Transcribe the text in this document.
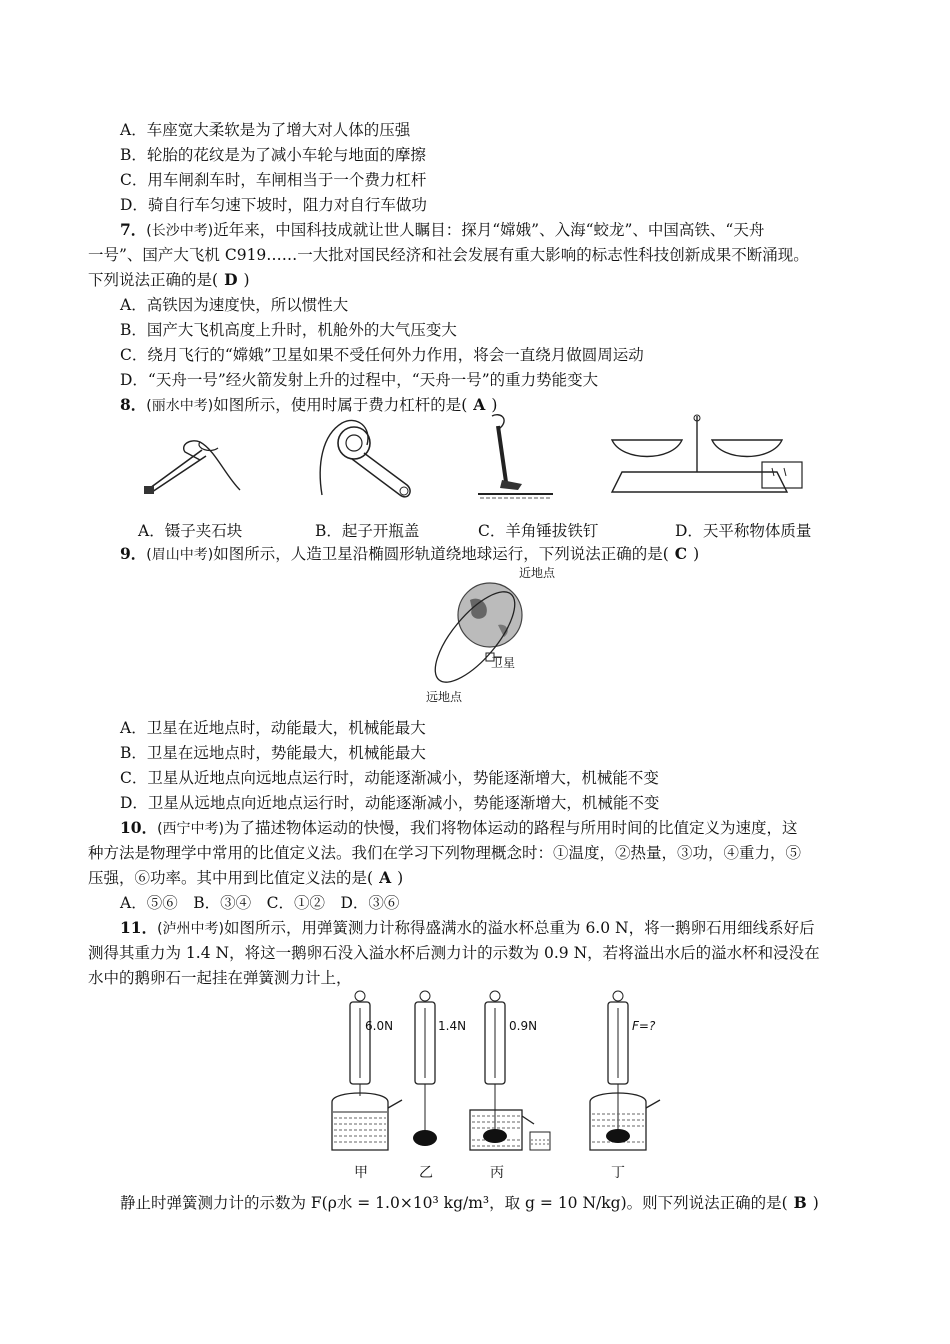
A．车座宽大柔软是为了增大对人体的压强
B．轮胎的花纹是为了减小车轮与地面的摩擦
C．用车闸刹车时，车闸相当于一个费力杠杆
D．骑自行车匀速下坡时，阻力对自行车做功
7．(长沙中考)近年来，中国科技成就让世人瞩目：探月“嫦娥”、入海“蛟龙”、中国高铁、“天舟
一号”、国产大飞机 C919……一大批对国民经济和社会发展有重大影响的标志性科技创新成果不断涌现。
下列说法正确的是( D )
A．高铁因为速度快，所以惯性大
B．国产大飞机高度上升时，机舱外的大气压变大
C．绕月飞行的“嫦娥”卫星如果不受任何外力作用，将会一直绕月做圆周运动
D．“天舟一号”经火箭发射上升的过程中，“天舟一号”的重力势能变大
8．(丽水中考)如图所示，使用时属于费力杠杆的是( A )
A．镊子夹石块	B．起子开瓶盖	C．羊角锤拔铁钉	D．天平称物体质量
9．(眉山中考)如图所示，人造卫星沿椭圆形轨道绕地球运行，下列说法正确的是( C )
近地点
卫星
远地点
A．卫星在近地点时，动能最大，机械能最大
B．卫星在远地点时，势能最大，机械能最大
C．卫星从近地点向远地点运行时，动能逐渐减小，势能逐渐增大，机械能不变
D．卫星从远地点向近地点运行时，动能逐渐减小，势能逐渐增大，机械能不变
10．(西宁中考)为了描述物体运动的快慢，我们将物体运动的路程与所用时间的比值定义为速度，这
种方法是物理学中常用的比值定义法。我们在学习下列物理概念时：①温度，②热量，③功，④重力，⑤
压强，⑥功率。其中用到比值定义法的是( A )
A．⑤⑥　B．③④　C．①②　D．③⑥
11．(泸州中考)如图所示，用弹簧测力计称得盛满水的溢水杯总重为 6.0 N，将一鹅卵石用细线系好后
测得其重力为 1.4 N，将这一鹅卵石没入溢水杯后测力计的示数为 0.9 N，若将溢出水后的溢水杯和浸没在
水中的鹅卵石一起挂在弹簧测力计上，
6.0N	1.4N	0.9N	F=?
甲	乙	丙	丁
静止时弹簧测力计的示数为 F(ρ水 = 1.0×10³ kg/m³，取 g = 10 N/kg)。则下列说法正确的是( B )
